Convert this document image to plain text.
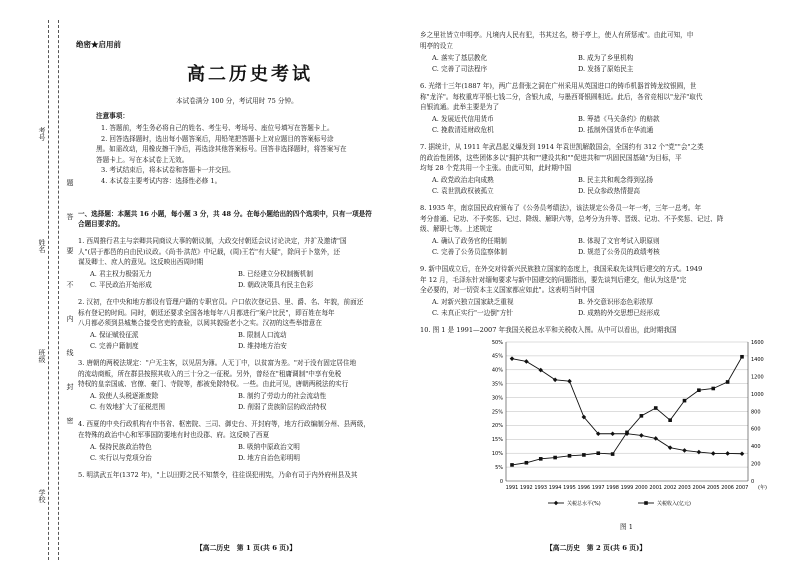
考号
姓名
班级
学校
题
答
要
不
内
线
封
密
绝密★启用前
高二历史考试
本试卷满分 100 分，考试用时 75 分钟。
注意事项：
1. 答题前，考生务必将自己的姓名、考生号、考场号、座位号填写在答题卡上。
2. 回答选择题时，选出每小题答案后，用铅笔把答题卡上对应题目的答案标号涂
黑。如需改动，用橡皮擦干净后，再选涂其他答案标号。回答非选择题时，将答案写在
答题卡上。写在本试卷上无效。
3. 考试结束后，将本试卷和答题卡一并交回。
4. 本试卷主要考试内容：选择性必修 1。
一、选择题：本题共 16 小题，每小题 3 分，共 48 分。在每小题给出的四个选项中，只有一项是符
合题目要求的。
1. 西周推行君主与亲卿共同商议大事的朝议制，大政交付朝廷会议讨论决定，并扩及邀请"国
人"(居于都邑的自由民)议政。《尚书·洪范》中记载，(周)王若"有大疑"，除问于卜筮外，还
谋及卿士、庶人的意见。这反映出西周时期
A. 君主权力极弱无力	B. 已经建立分权制衡机制
C. 平民政治开始形成	D. 朝政决策具有民主色彩
2. 汉初，在中央和地方都设有管理户籍的专职官员。户口依次登记县、里、爵、名、年貌，前面还
标有登记的时间。同时，朝廷还要求全国各地每年八月都进行"案户比民"，即百姓在每年
八月都必须到县城集合接受官吏的查验，以阅其貌验老小之实。汉初的这些举措意在
A. 保证赋役征派	B. 限制人口流动
C. 完善户籍制度	D. 维持地方治安
3. 唐朝的两税法规定："户无主客，以见居为簿。人无丁中，以贫富为差。"对于没有固定居住地
的流动商贩，所在群县按照其收入的三十分之一征税。另外，曾经在"租庸调制"中享有免税
特权的皇亲国戚、官僚、豪门、寺院等，都被免除特权。一些。由此可见，唐朝两税法的实行
A. 致使人头税逐渐废除	B. 制约了劳动力的社会流动性
C. 有效地扩大了征税范围	D. 削弱了贵族阶层的政治特权
4. 西夏的中央行政机构有中书省、枢密院、三司、御史台、开封府等，地方行政编制分州、县两级，
在特殊的政治中心和军事国防要地有时也设郡、府。这反映了西夏
A. 保持民族政治特色	B. 吸纳中原政治文明
C. 实行以与党项分治	D. 地方自治色彩明明
5. 明洪武五年(1372 年)，"上以田野之民不知禁令，往往误犯刑宪，乃命有司于内外府州县及其
【高二历史　第 1 页(共 6 页)】
乡之里社皆立申明亭。凡境内人民有犯，书其过名，榜于亭上，使人有所惩戒"。由此可知，申
明亭的设立
A. 落实了基层教化	B. 成为了乡里机构
C. 完善了司法程序	D. 发扬了原始民主
6. 光绪十三年(1887 年)，两广总督张之洞在广州采用从英国进口的铸币机器首铸龙纹银圆，世
称"龙洋"。每枚重库平银七钱二分，含银九成，与墨西哥银圆相近。此后，各省竞相以"龙洋"取代
自银流通。此举主要是为了
A. 发展近代信用货币	B. 筹措《马关条约》的赔款
C. 挽救清廷财政危机	D. 抵制外国货币在华流通
7. 据统计，从 1911 年武昌起义爆发到 1914 年袁世凯解散国会，全国约有 312 个"党""会"之类
的政治性团体，这些团体多以"拥护共和""建设共和""促进共和""巩固民国基础"为目标，平
均每 28 个党共用一个主张。由此可知，此时期中国
A. 政党政治走向成熟	B. 民主共和观念得到弘扬
C. 袁世凯政权被孤立	D. 民众参政热情提高
8. 1935 年，南京国民政府颁布了《公务员考绩法》，该法规定公务员一年一考，三年一总考。年
考分普通、记功、不予奖惩、记过、降级、解职六等，总考分为升等、晋级、记功、不予奖惩、记过、降
级、解职七等。上述规定
A. 确认了政务官的任期制	B. 体现了文官考试入职原则
C. 完善了公务员监察体制	D. 规范了公务员的政绩考核
9. 新中国成立后，在外交对待新兴民族独立国家的态度上，我国采取先谈判后建交的方式。1949
年 12 月，毛泽东针对缅甸要求与新中国建交的问题指出，要先谈判后建交，他认为这是"完
全必要的，对一切资本主义国家都应如此"。这表明当时中国
A. 对新兴独立国家缺乏重视	B. 外交意识形态色彩浓厚
C. 未真正实行"一边倒"方针	D. 成熟的外交思想已经形成
10. 图 1 是 1991—2007 年我国关税总水平和关税收入图。从中可以看出，此时期我国
0
5%
10%
15%
20%
25%
30%
35%
40%
45%
50%
0
200
400
600
800
1000
1200
1400
1600
1991 1992 1993 1994 1995 1996 1997 1998 1999 2000 2001 2002 2003 2004 2005 2006 2007 (年)
关税总水平(%)	关税收入(亿元)
图 1
【高二历史　第 2 页(共 6 页)】
